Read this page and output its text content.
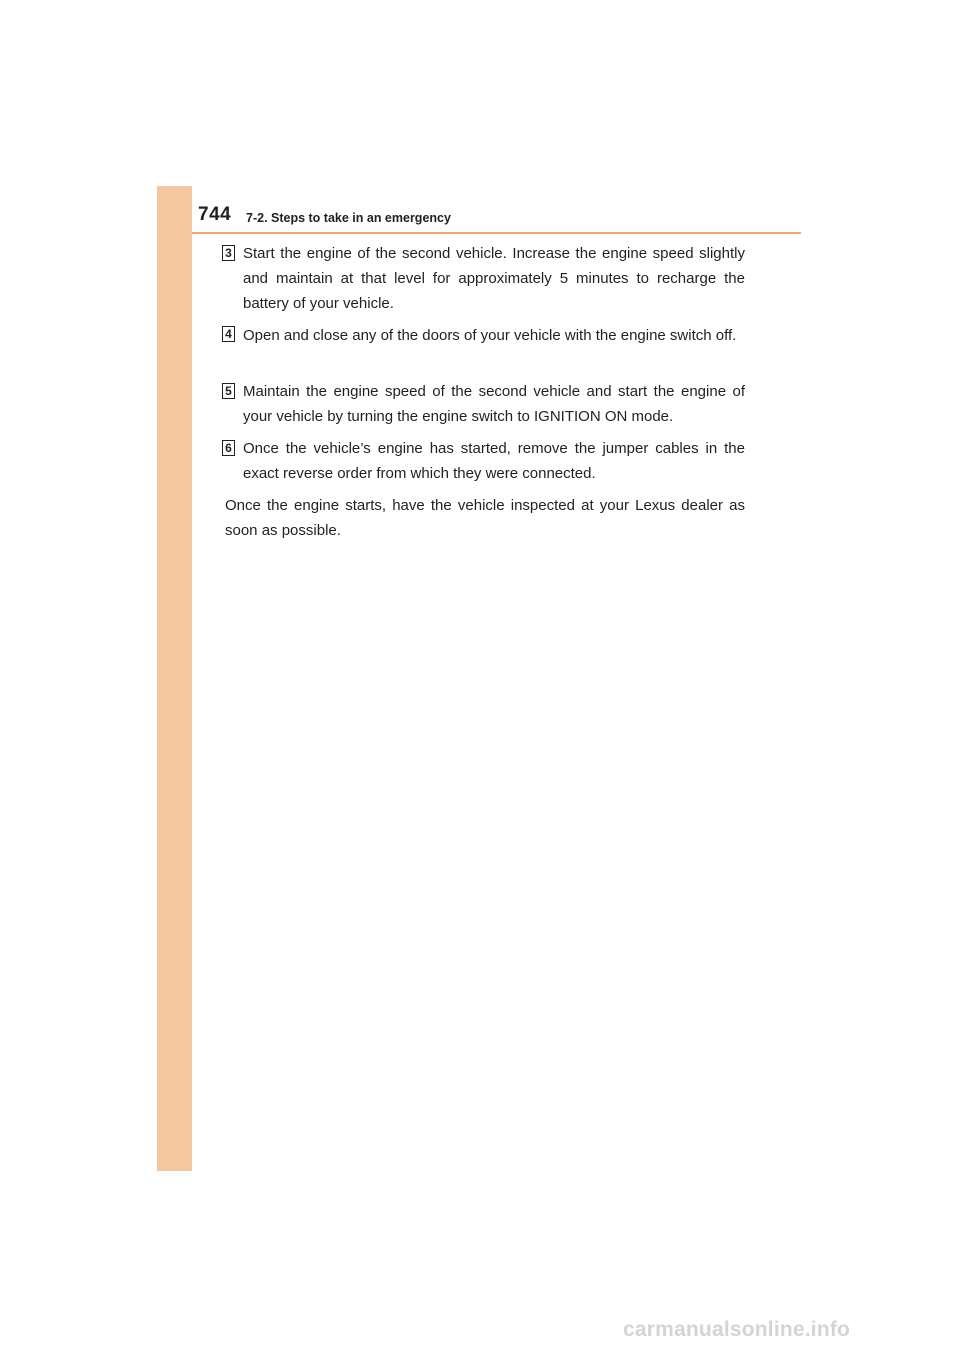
744 7-2. Steps to take in an emergency
3 Start the engine of the second vehicle. Increase the engine speed slightly and maintain at that level for approximately 5 minutes to recharge the battery of your vehicle.
4 Open and close any of the doors of your vehicle with the engine switch off.
5 Maintain the engine speed of the second vehicle and start the engine of your vehicle by turning the engine switch to IGNITION ON mode.
6 Once the vehicle’s engine has started, remove the jumper cables in the exact reverse order from which they were connected.
Once the engine starts, have the vehicle inspected at your Lexus dealer as soon as possible.
carmanualsonline.info
